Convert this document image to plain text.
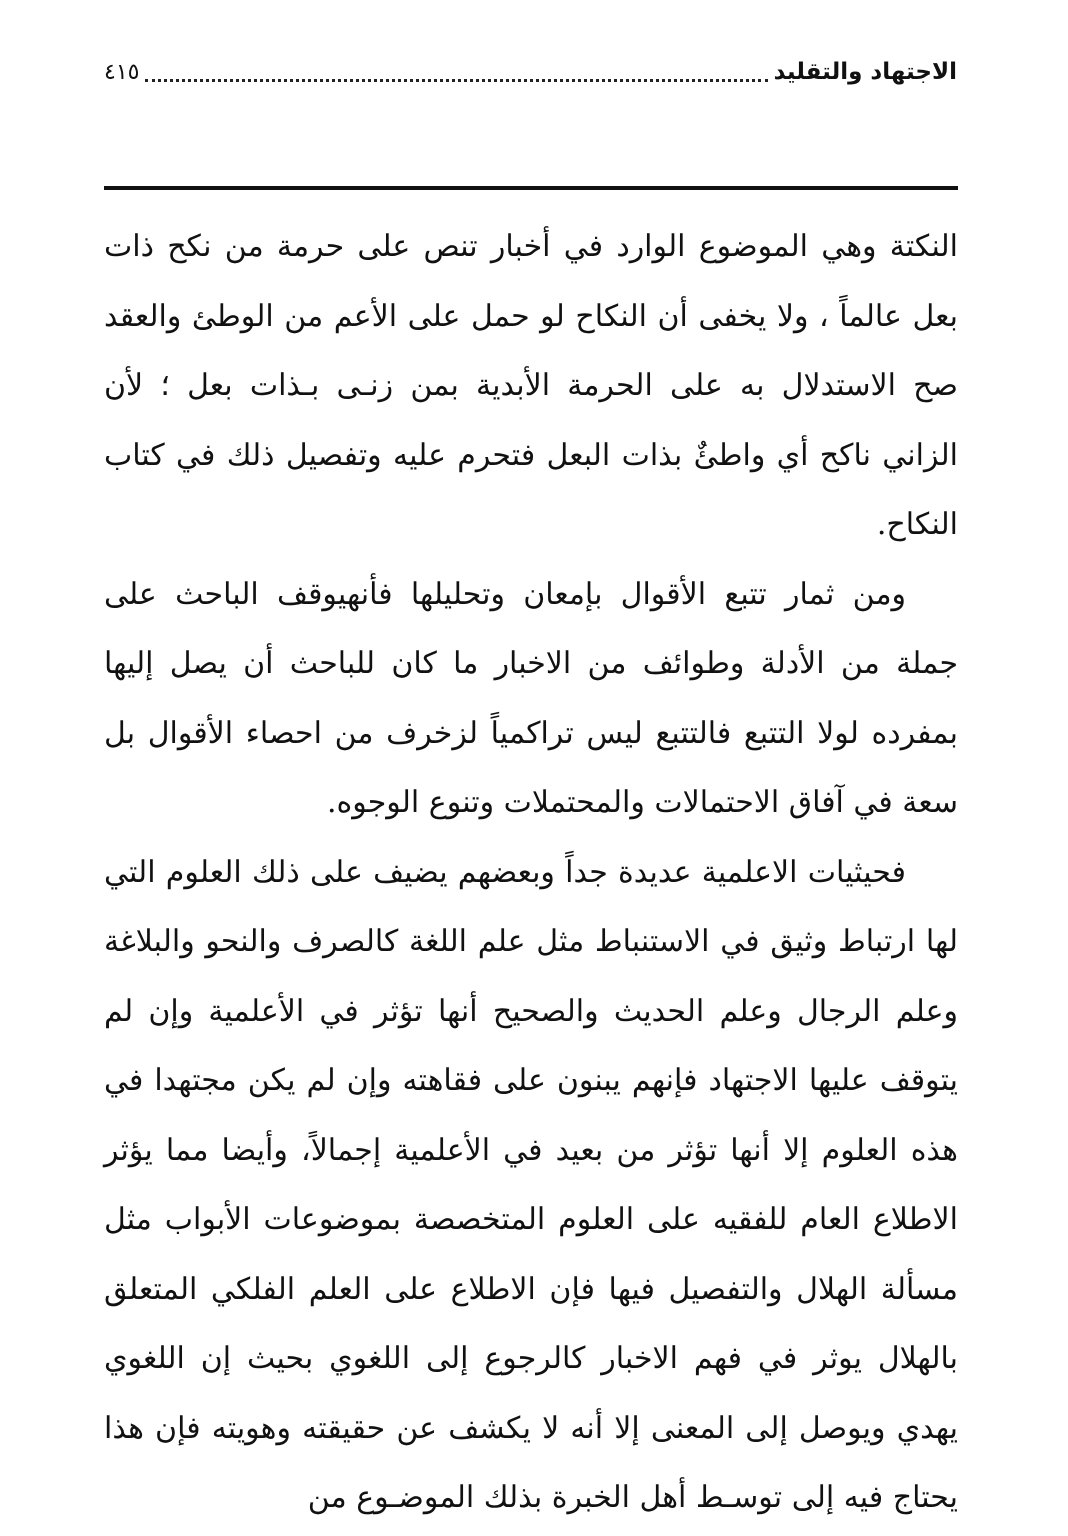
الاجتهاد والتقليد
٤١٥

النكتة وهي الموضوع الوارد في أخبار تنص على حرمة من نكح ذات بعل عالماً ، ولا يخفى أن النكاح لو حمل على الأعم من الوطئ والعقد صح الاستدلال به على الحرمة الأبدية بمن زنـى بـذات بعل ؛ لأن الزاني ناكح أي واطئٌ بذات البعل فتحرم عليه وتفصيل ذلك في كتاب النكاح.

ومن ثمار تتبع الأقوال بإمعان وتحليلها فأنهيوقف الباحث على جملة من الأدلة وطوائف من الاخبار ما كان للباحث أن يصل إليها بمفرده لولا التتبع فالتتبع ليس تراكمياً لزخرف من احصاء الأقوال بل سعة في آفاق الاحتمالات والمحتملات وتنوع الوجوه.

فحيثيات الاعلمية عديدة جداً وبعضهم يضيف على ذلك العلوم التي لها ارتباط وثيق في الاستنباط مثل علم اللغة كالصرف والنحو والبلاغة وعلم الرجال وعلم الحديث والصحيح أنها تؤثر في الأعلمية وإن لم يتوقف عليها الاجتهاد فإنهم يبنون على فقاهته وإن لم يكن مجتهدا في هذه العلوم إلا أنها تؤثر من بعيد في الأعلمية إجمالاً، وأيضا مما يؤثر الاطلاع العام للفقيه على العلوم المتخصصة بموضوعات الأبواب مثل مسألة الهلال والتفصيل فيها فإن الاطلاع على العلم الفلكي المتعلق بالهلال يوثر في فهم الاخبار كالرجوع إلى اللغوي بحيث إن اللغوي يهدي ويوصل إلى المعنى إلا أنه لا يكشف عن حقيقته وهويته فإن هذا يحتاج فيه إلى توسـط أهل الخبرة بذلك الموضـوع من
